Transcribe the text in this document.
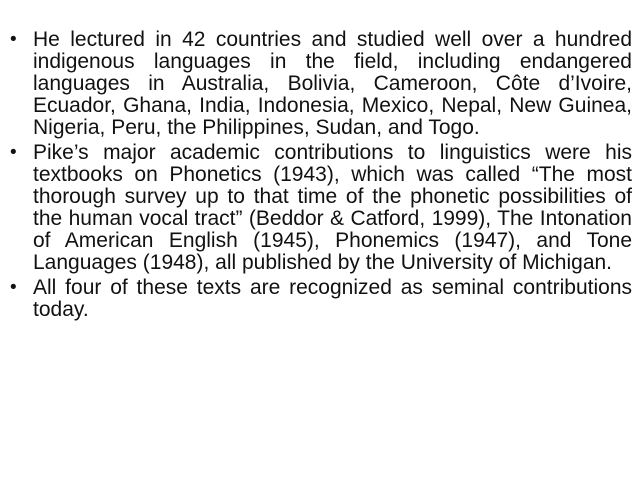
• He lectured in 42 countries and studied well over a hundred indigenous languages in the field, including endangered languages in Australia, Bolivia, Cameroon, Côte d’Ivoire, Ecuador, Ghana, India, Indonesia, Mexico, Nepal, New Guinea, Nigeria, Peru, the Philippines, Sudan, and Togo.
• Pike’s major academic contributions to linguistics were his textbooks on Phonetics (1943), which was called “The most thorough survey up to that time of the phonetic possibilities of the human vocal tract” (Beddor & Catford, 1999), The Intonation of American English (1945), Phonemics (1947), and Tone Languages (1948), all published by the University of Michigan.
• All four of these texts are recognized as seminal contributions today.
